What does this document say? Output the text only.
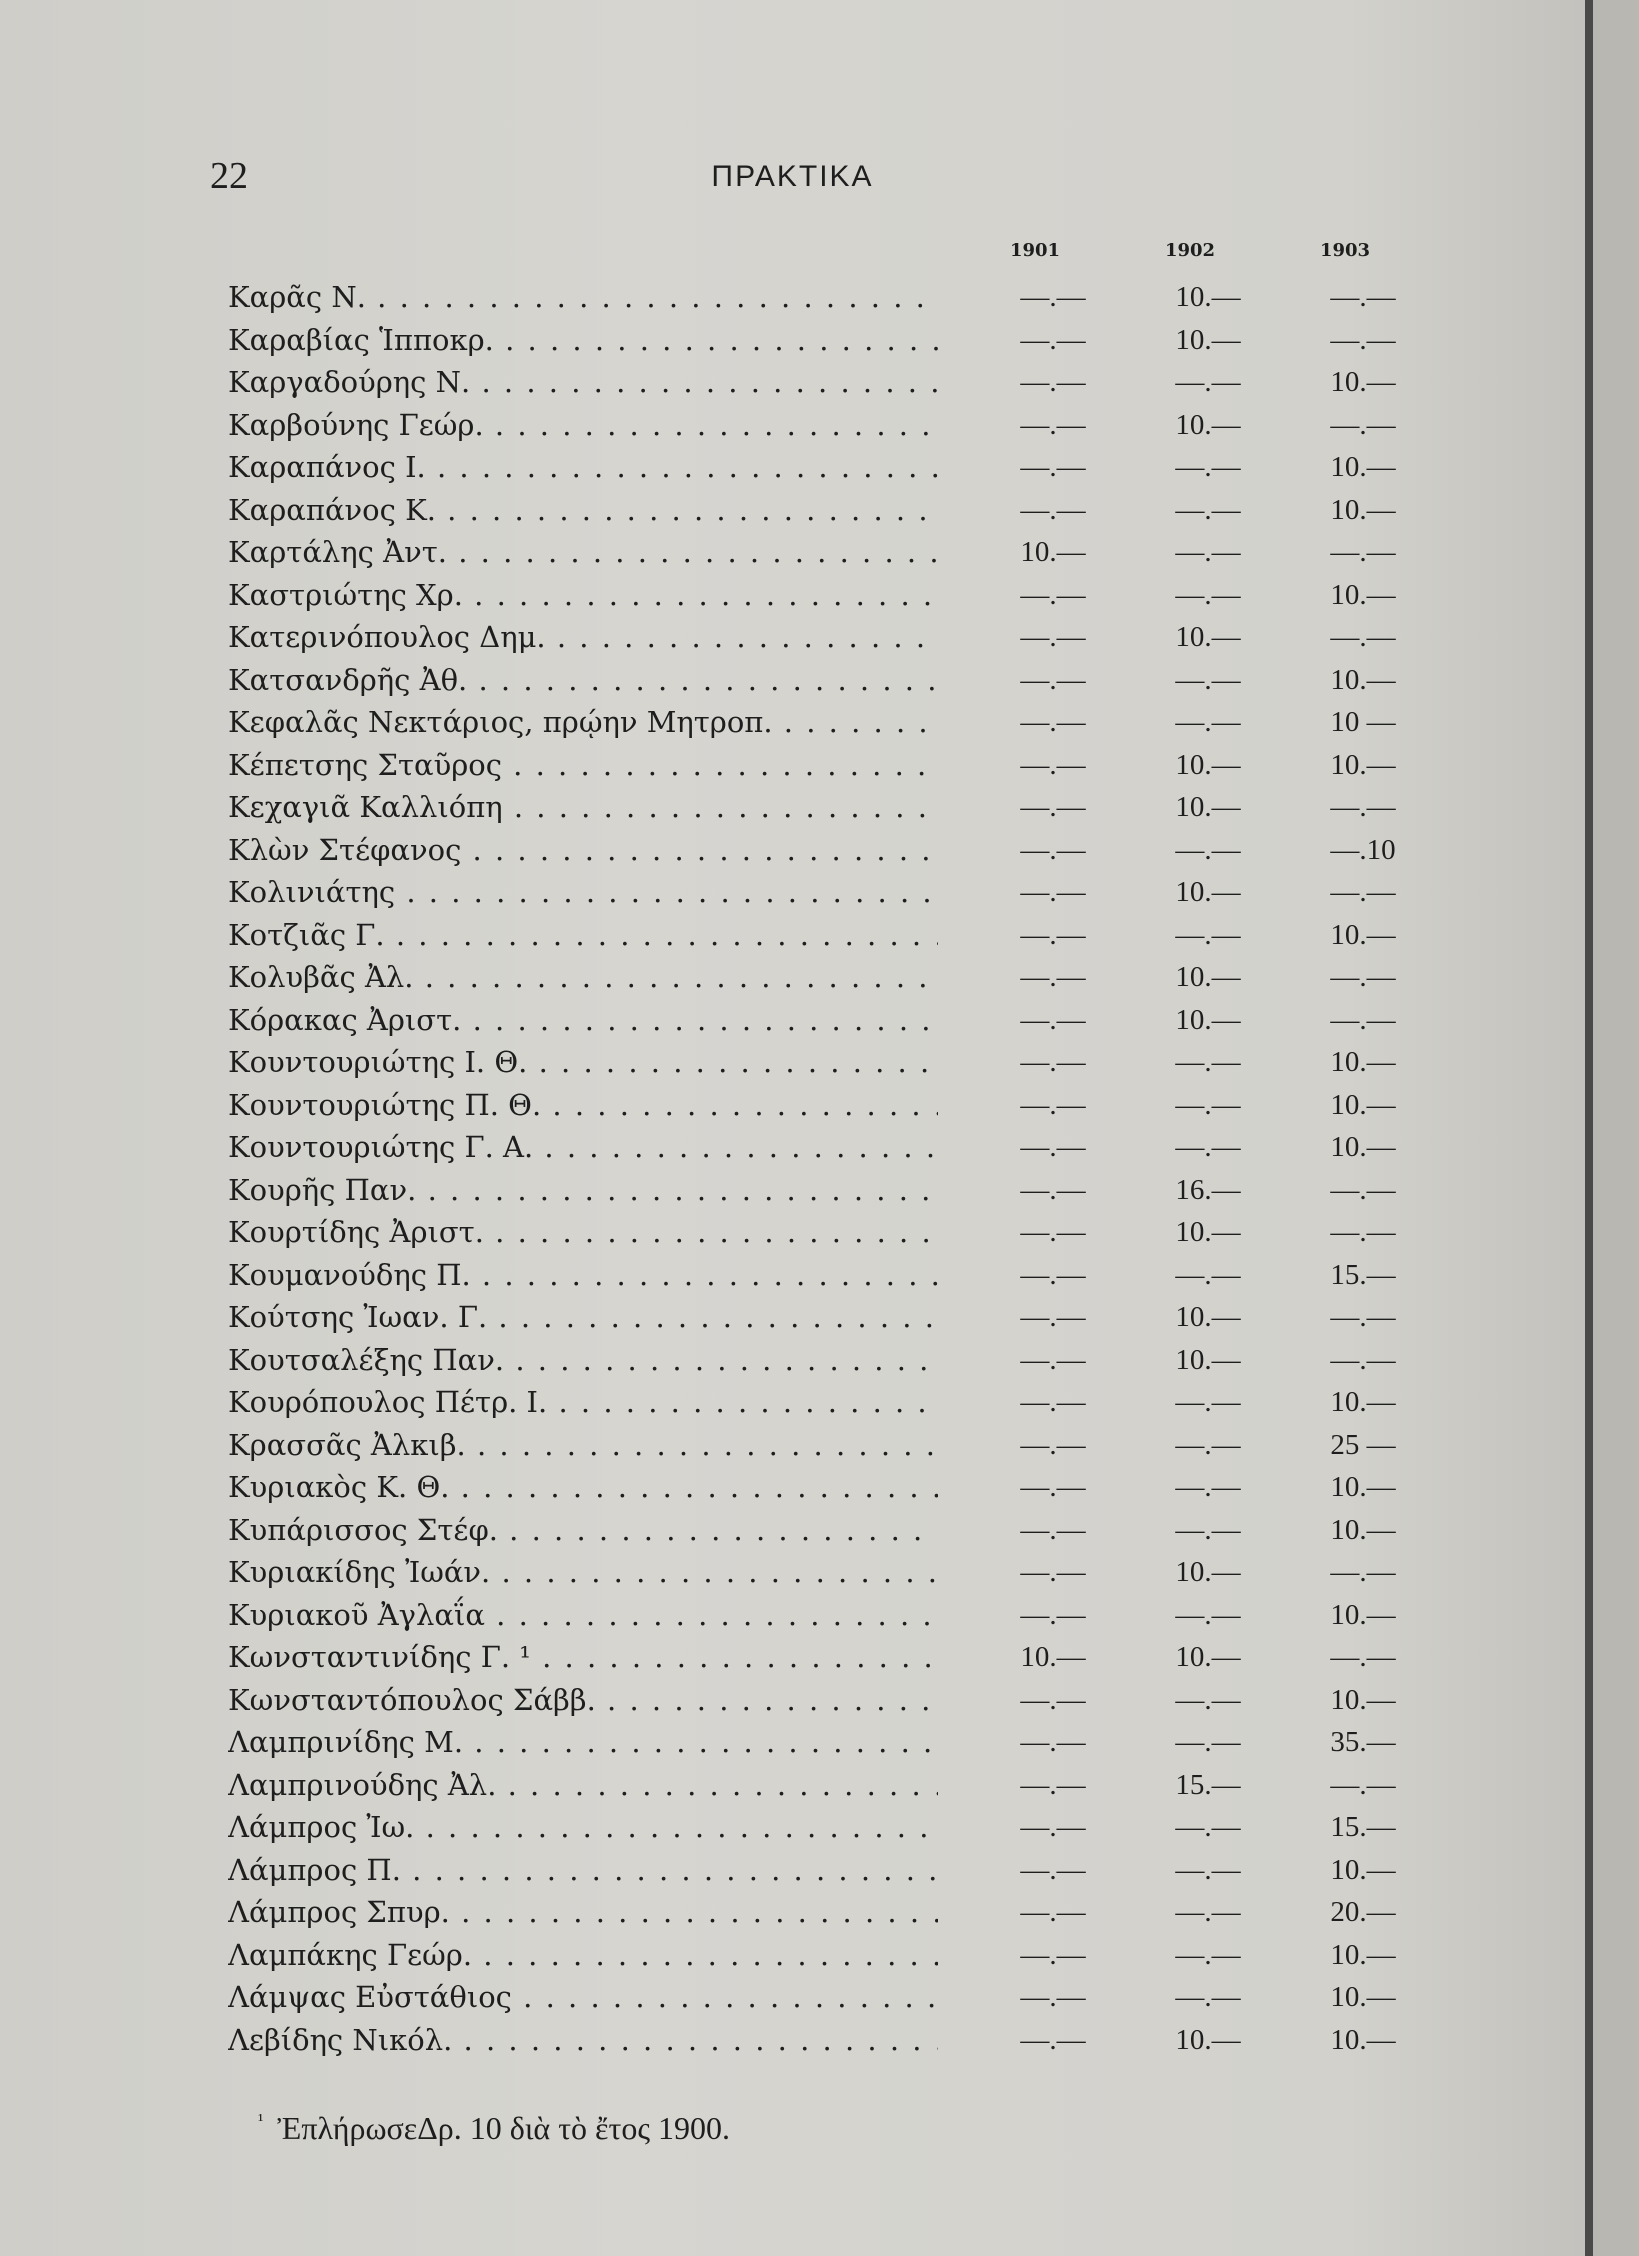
22	ΠΡΑΚΤΙΚΑ
1901	1902	1903
Καρᾶς Ν. . . .	—.—	10.—	—.—
Καραβίας Ἱπποκρ. . . .	—.—	10.—	—.—
Καργαδούρης Ν. . . .	—.—	—.—	10.—
Καρβούνης Γεώρ. . . .	—.—	10.—	—.—
Καραπάνος Ι. . . .	—.—	—.—	10.—
Καραπάνος Κ. . . .	—.—	—.—	10.—
Καρτάλης Ἀντ. . . .	10.—	—.—	—.—
Καστριώτης Χρ. . . .	—.—	—.—	10.—
Κατερινόπουλος Δημ. . . .	—.—	10.—	—.—
Κατσανδρῆς Ἀθ. . . .	—.—	—.—	10.—
Κεφαλᾶς Νεκτάριος, πρῴην Μητροπ. . . .	—.—	—.—	10 —
Κέπετσης Σταῦρος . . .	—.—	10.—	10.—
Κεχαγιᾶ Καλλιόπη . . .	—.—	10.—	—.—
Κλὼν Στέφανος . . .	—.—	—.—	—.10
Κολινιάτης . . .	—.—	10.—	—.—
Κοτζιᾶς Γ. . . .	—.—	—.—	10.—
Κολυβᾶς Ἀλ. . . .	—.—	10.—	—.—
Κόρακας Ἀριστ. . . .	—.—	10.—	—.—
Κουντουριώτης Ι. Θ. . . .	—.—	—.—	10.—
Κουντουριώτης Π. Θ. . . .	—.—	—.—	10.—
Κουντουριώτης Γ. Α. . . .	—.—	—.—	10.—
Κουρῆς Παν. . . .	—.—	16.—	—.—
Κουρτίδης Ἀριστ. . . .	—.—	10.—	—.—
Κουμανούδης Π. . . .	—.—	—.—	15.—
Κούτσης Ἰωαν. Γ. . . .	—.—	10.—	—.—
Κουτσαλέξης Παν. . . .	—.—	10.—	—.—
Κουρόπουλος Πέτρ. Ι. . . .	—.—	—.—	10.—
Κρασσᾶς Ἀλκιβ. . . .	—.—	—.—	25 —
Κυριακὸς Κ. Θ. . . .	—.—	—.—	10.—
Κυπάρισσος Στέφ. . . .	—.—	—.—	10.—
Κυριακίδης Ἰωάν. . . .	—.—	10.—	—.—
Κυριακοῦ Ἀγλαΐα . . .	—.—	—.—	10.—
Κωνσταντινίδης Γ. ¹ . . .	10.—	10.—	—.—
Κωνσταντόπουλος Σάββ. . . .	—.—	—.—	10.—
Λαμπρινίδης Μ. . . .	—.—	—.—	35.—
Λαμπρινούδης Ἀλ. . . .	—.—	15.—	—.—
Λάμπρος Ἰω. . . .	—.—	—.—	15.—
Λάμπρος Π. . . .	—.—	—.—	10.—
Λάμπρος Σπυρ. . . .	—.—	—.—	20.—
Λαμπάκης Γεώρ. . . .	—.—	—.—	10.—
Λάμψας Εὐστάθιος . . .	—.—	—.—	10.—
Λεβίδης Νικόλ. . . .	—.—	10.—	10.—
$^{^1}$ ἘπλήρωσεΔρ. 10 διὰ τὸ ἔτος 1900.
